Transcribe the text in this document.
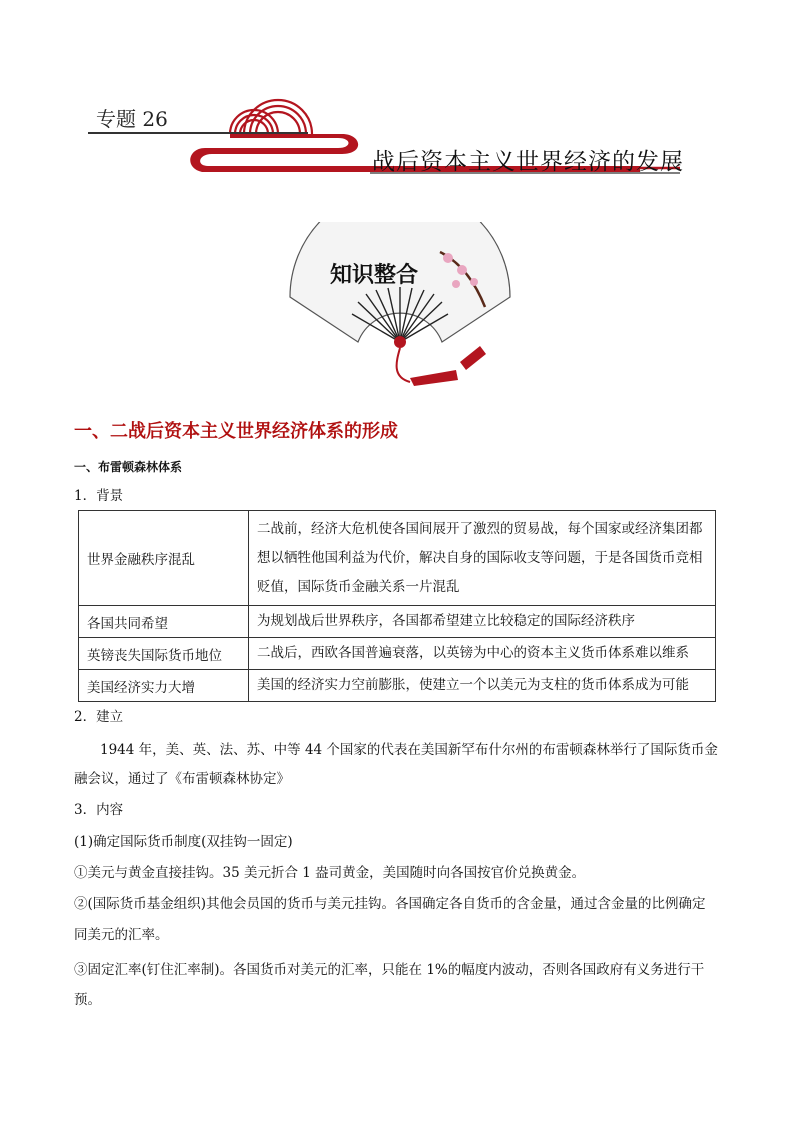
专题 26
战后资本主义世界经济的发展
知识整合
一、二战后资本主义世界经济体系的形成
一、布雷顿森林体系
1．背景
世界金融秩序混乱	二战前，经济大危机使各国间展开了激烈的贸易战，每个国家或经济集团都
想以牺牲他国利益为代价，解决自身的国际收支等问题，于是各国货币竞相
贬值，国际货币金融关系一片混乱

各国共同希望	为规划战后世界秩序，各国都希望建立比较稳定的国际经济秩序
英镑丧失国际货币地位	二战后，西欧各国普遍衰落，以英镑为中心的资本主义货币体系难以维系
美国经济实力大增	美国的经济实力空前膨胀，使建立一个以美元为支柱的货币体系成为可能
2．建立
1944 年，美、英、法、苏、中等 44 个国家的代表在美国新罕布什尔州的布雷顿森林举行了国际货币金
融会议，通过了《布雷顿森林协定》
3．内容
(1)确定国际货币制度(双挂钩一固定)
①美元与黄金直接挂钩。35 美元折合 1 盎司黄金，美国随时向各国按官价兑换黄金。
②(国际货币基金组织)其他会员国的货币与美元挂钩。各国确定各自货币的含金量，通过含金量的比例确定
同美元的汇率。
③固定汇率(钉住汇率制)。各国货币对美元的汇率，只能在 1%的幅度内波动，否则各国政府有义务进行干
预。
